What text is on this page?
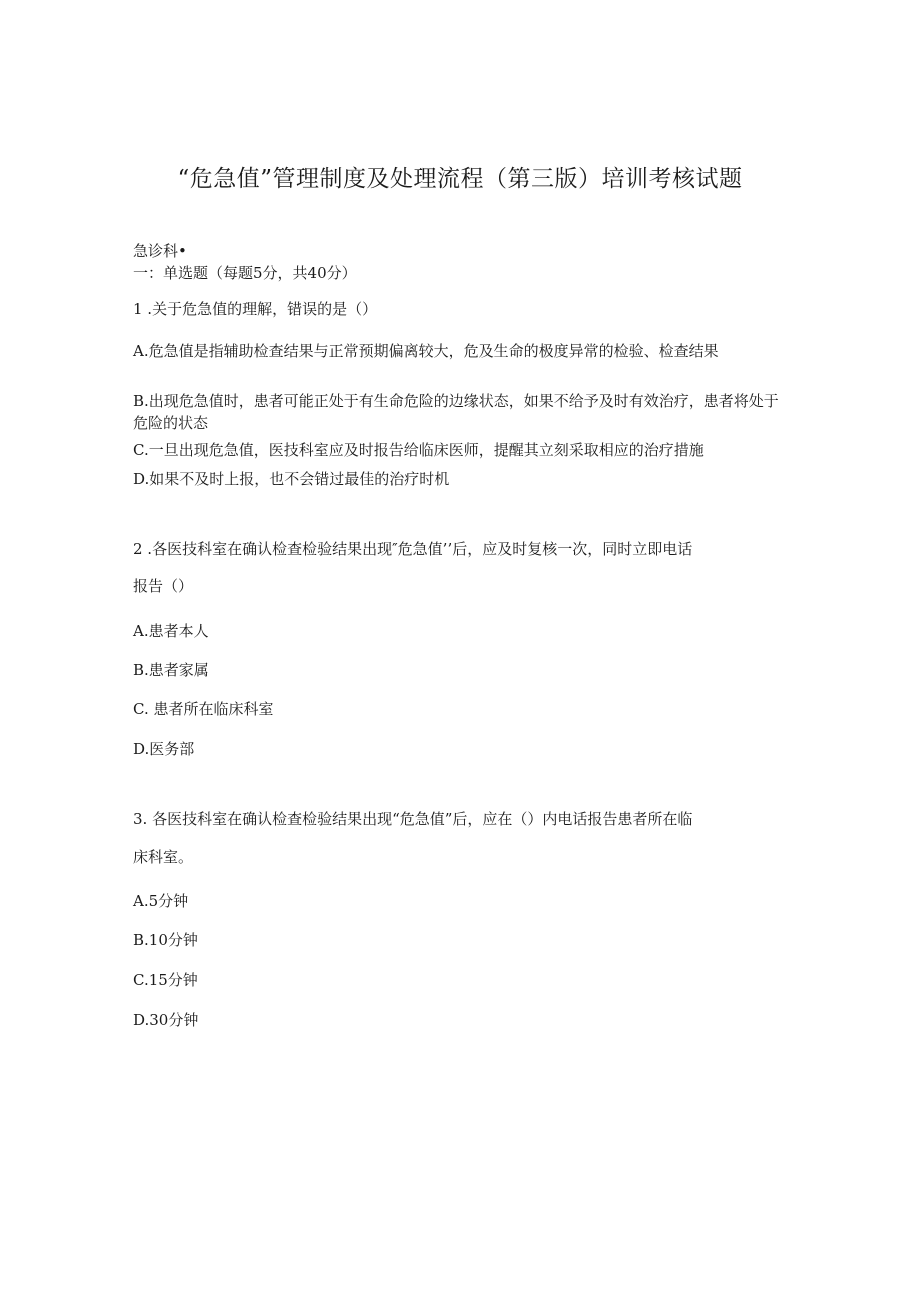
“危急值”管理制度及处理流程（第三版）培训考核试题
急诊科•
一：单选题（每题5分，共40分）
1 .关于危急值的理解，错误的是（）
A.危急值是指辅助检查结果与正常预期偏离较大，危及生命的极度异常的检验、检查结果
B.出现危急值时，患者可能正处于有生命危险的边缘状态，如果不给予及时有效治疗，患者将处于危险的状态
C.一旦出现危急值，医技科室应及时报告给临床医师，提醒其立刻采取相应的治疗措施
D.如果不及时上报，也不会错过最佳的治疗时机
2 .各医技科室在确认检查检验结果出现″危急值’’后，应及时复核一次，同时立即电话
报告（）
A.患者本人
B.患者家属
C. 患者所在临床科室
D.医务部
3. 各医技科室在确认检查检验结果出现“危急值”后，应在（）内电话报告患者所在临
床科室。
A.5分钟
B.10分钟
C.15分钟
D.30分钟
